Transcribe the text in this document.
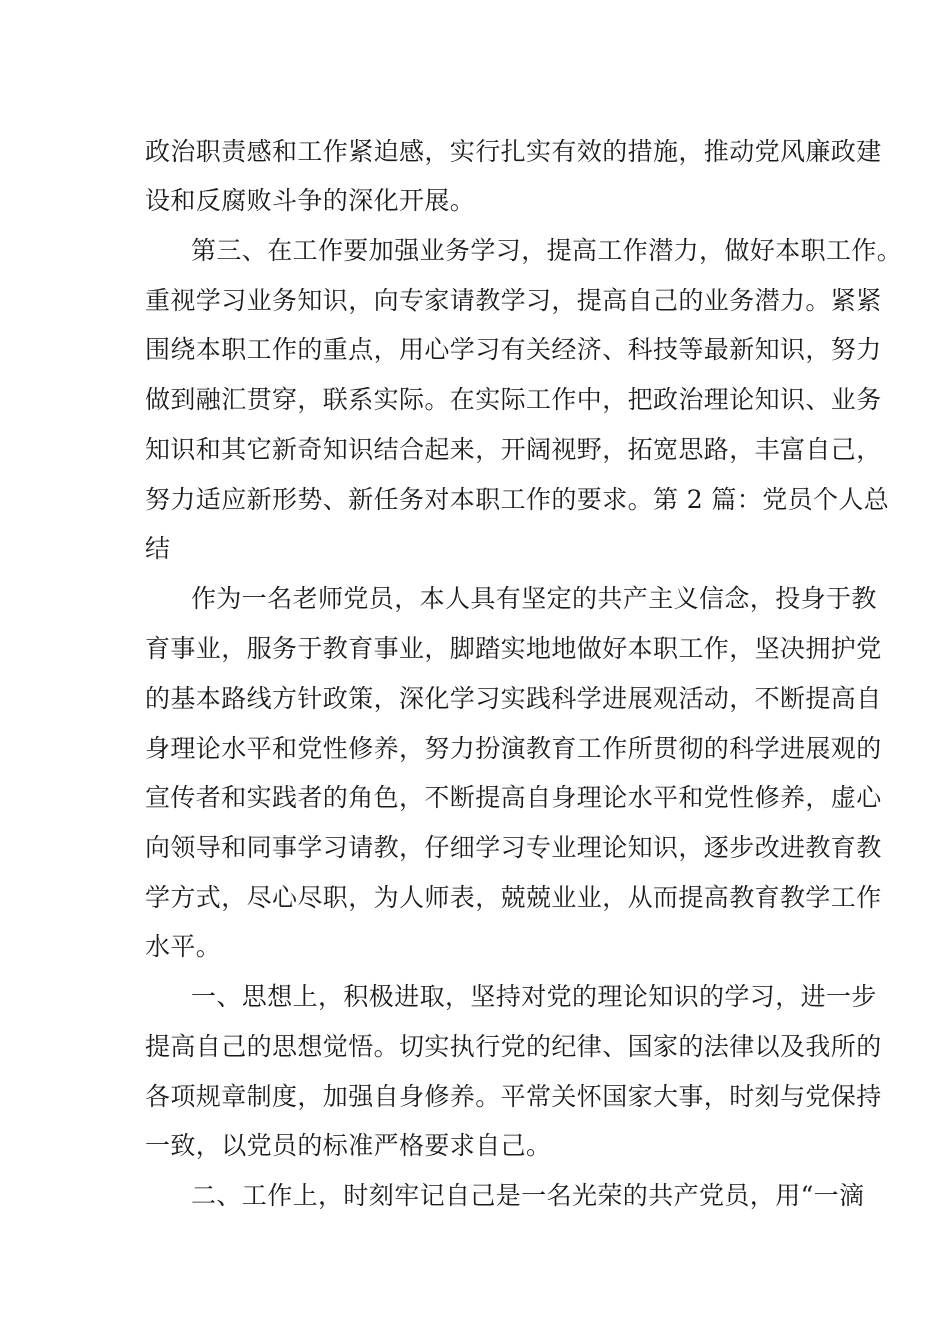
政治职责感和工作紧迫感，实行扎实有效的措施，推动党风廉政建
设和反腐败斗争的深化开展。
第三、在工作要加强业务学习，提高工作潜力，做好本职工作。
重视学习业务知识，向专家请教学习，提高自己的业务潜力。紧紧
围绕本职工作的重点，用心学习有关经济、科技等最新知识，努力
做到融汇贯穿，联系实际。在实际工作中，把政治理论知识、业务
知识和其它新奇知识结合起来，开阔视野，拓宽思路，丰富自己，
努力适应新形势、新任务对本职工作的要求。第 2 篇：党员个人总
结
作为一名老师党员，本人具有坚定的共产主义信念，投身于教
育事业，服务于教育事业，脚踏实地地做好本职工作，坚决拥护党
的基本路线方针政策，深化学习实践科学进展观活动，不断提高自
身理论水平和党性修养，努力扮演教育工作所贯彻的科学进展观的
宣传者和实践者的角色，不断提高自身理论水平和党性修养，虚心
向领导和同事学习请教，仔细学习专业理论知识，逐步改进教育教
学方式，尽心尽职，为人师表，兢兢业业，从而提高教育教学工作
水平。
一、思想上，积极进取，坚持对党的理论知识的学习，进一步
提高自己的思想觉悟。切实执行党的纪律、国家的法律以及我所的
各项规章制度，加强自身修养。平常关怀国家大事，时刻与党保持
一致，以党员的标准严格要求自己。
二、工作上，时刻牢记自己是一名光荣的共产党员，用“一滴
